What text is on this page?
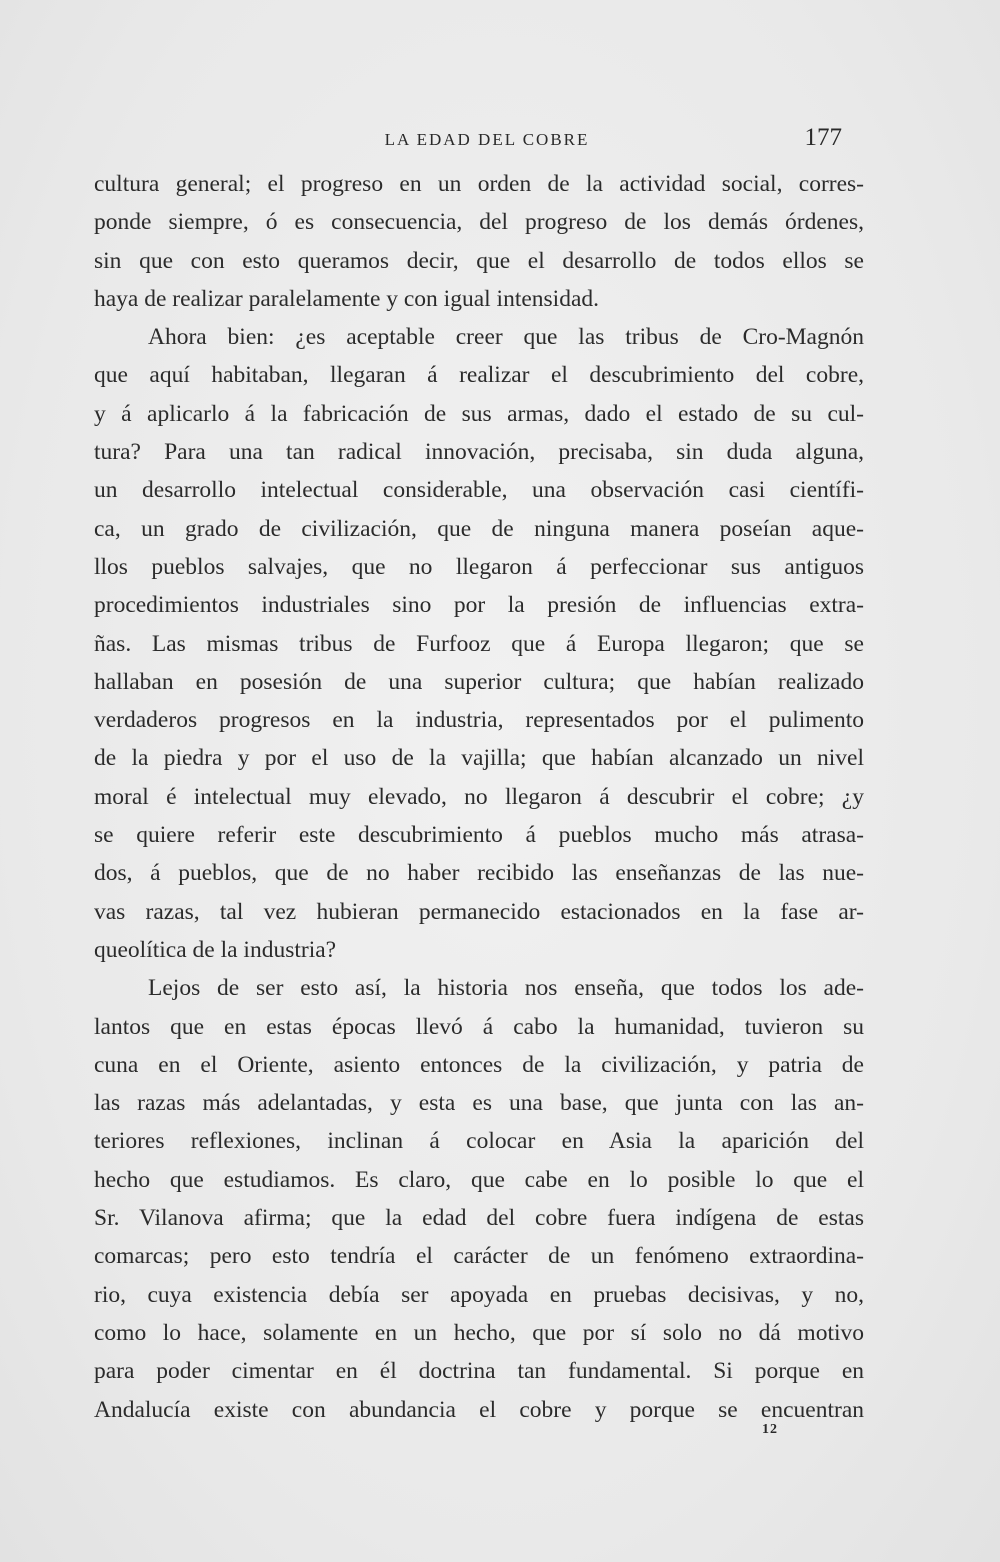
LA EDAD DEL COBRE	177
cultura general; el progreso en un orden de la actividad social, corres-
ponde siempre, ó es consecuencia, del progreso de los demás órdenes,
sin que con esto queramos decir, que el desarrollo de todos ellos se
haya de realizar paralelamente y con igual intensidad.
Ahora bien: ¿es aceptable creer que las tribus de Cro-Magnón
que aquí habitaban, llegaran á realizar el descubrimiento del cobre,
y á aplicarlo á la fabricación de sus armas, dado el estado de su cul-
tura? Para una tan radical innovación, precisaba, sin duda alguna,
un desarrollo intelectual considerable, una observación casi científi-
ca, un grado de civilización, que de ninguna manera poseían aque-
llos pueblos salvajes, que no llegaron á perfeccionar sus antiguos
procedimientos industriales sino por la presión de influencias extra-
ñas. Las mismas tribus de Furfooz que á Europa llegaron; que se
hallaban en posesión de una superior cultura; que habían realizado
verdaderos progresos en la industria, representados por el pulimento
de la piedra y por el uso de la vajilla; que habían alcanzado un nivel
moral é intelectual muy elevado, no llegaron á descubrir el cobre; ¿y
se quiere referir este descubrimiento á pueblos mucho más atrasa-
dos, á pueblos, que de no haber recibido las enseñanzas de las nue-
vas razas, tal vez hubieran permanecido estacionados en la fase ar-
queolítica de la industria?
Lejos de ser esto así, la historia nos enseña, que todos los ade-
lantos que en estas épocas llevó á cabo la humanidad, tuvieron su
cuna en el Oriente, asiento entonces de la civilización, y patria de
las razas más adelantadas, y esta es una base, que junta con las an-
teriores reflexiones, inclinan á colocar en Asia la aparición del
hecho que estudiamos. Es claro, que cabe en lo posible lo que el
Sr. Vilanova afirma; que la edad del cobre fuera indígena de estas
comarcas; pero esto tendría el carácter de un fenómeno extraordina-
rio, cuya existencia debía ser apoyada en pruebas decisivas, y no,
como lo hace, solamente en un hecho, que por sí solo no dá motivo
para poder cimentar en él doctrina tan fundamental. Si porque en
Andalucía existe con abundancia el cobre y porque se encuentran
12
